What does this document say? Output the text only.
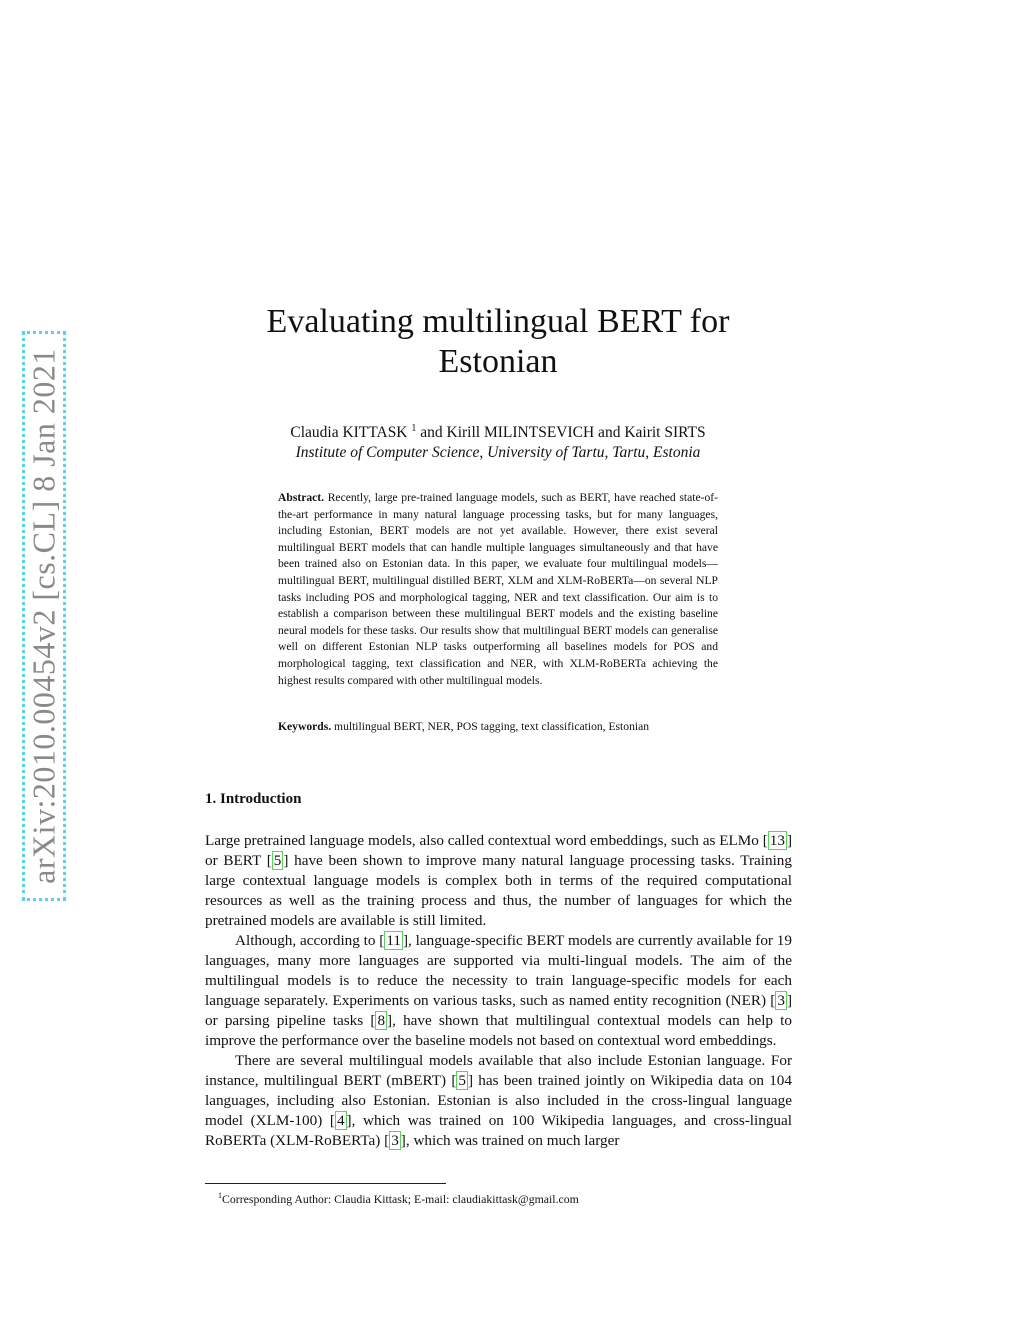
arXiv:2010.00454v2 [cs.CL] 8 Jan 2021
Evaluating multilingual BERT for
Estonian
Claudia KITTASK $^1$ and Kirill MILINTSEVICH and Kairit SIRTS
Institute of Computer Science, University of Tartu, Tartu, Estonia
Abstract. Recently, large pre-trained language models, such as BERT, have reached state-of-the-art performance in many natural language processing tasks, but for many languages, including Estonian, BERT models are not yet available. However, there exist several multilingual BERT models that can handle multiple languages simultaneously and that have been trained also on Estonian data. In this paper, we evaluate four multilingual models—multilingual BERT, multilingual distilled BERT, XLM and XLM-RoBERTa—on several NLP tasks including POS and morphological tagging, NER and text classification. Our aim is to establish a comparison between these multilingual BERT models and the existing baseline neural models for these tasks. Our results show that multilingual BERT models can generalise well on different Estonian NLP tasks outperforming all baselines models for POS and morphological tagging, text classification and NER, with XLM-RoBERTa achieving the highest results compared with other multilingual models.
Keywords. multilingual BERT, NER, POS tagging, text classification, Estonian
1. Introduction

Large pretrained language models, also called contextual word embeddings, such as ELMo [ 13 ] or BERT [ 5 ] have been shown to improve many natural language processing tasks. Training large contextual language models is complex both in terms of the required computational resources as well as the training process and thus, the number of languages for which the pretrained models are available is still limited.

Although, according to [ 11 ], language-specific BERT models are currently available for 19 languages, many more languages are supported via multi-lingual models. The aim of the multilingual models is to reduce the necessity to train language-specific models for each language separately. Experiments on various tasks, such as named entity recognition (NER) [ 3 ] or parsing pipeline tasks [ 8 ], have shown that multilingual contextual models can help to improve the performance over the baseline models not based on contextual word embeddings.

There are several multilingual models available that also include Estonian language. For instance, multilingual BERT (mBERT) [ 5 ] has been trained jointly on Wikipedia data on 104 languages, including also Estonian. Estonian is also included in the cross-lingual language model (XLM-100) [ 4 ], which was trained on 100 Wikipedia languages, and cross-lingual RoBERTa (XLM-RoBERTa) [ 3 ], which was trained on much larger

$^1$Corresponding Author: Claudia Kittask; E-mail: claudiakittask@gmail.com
